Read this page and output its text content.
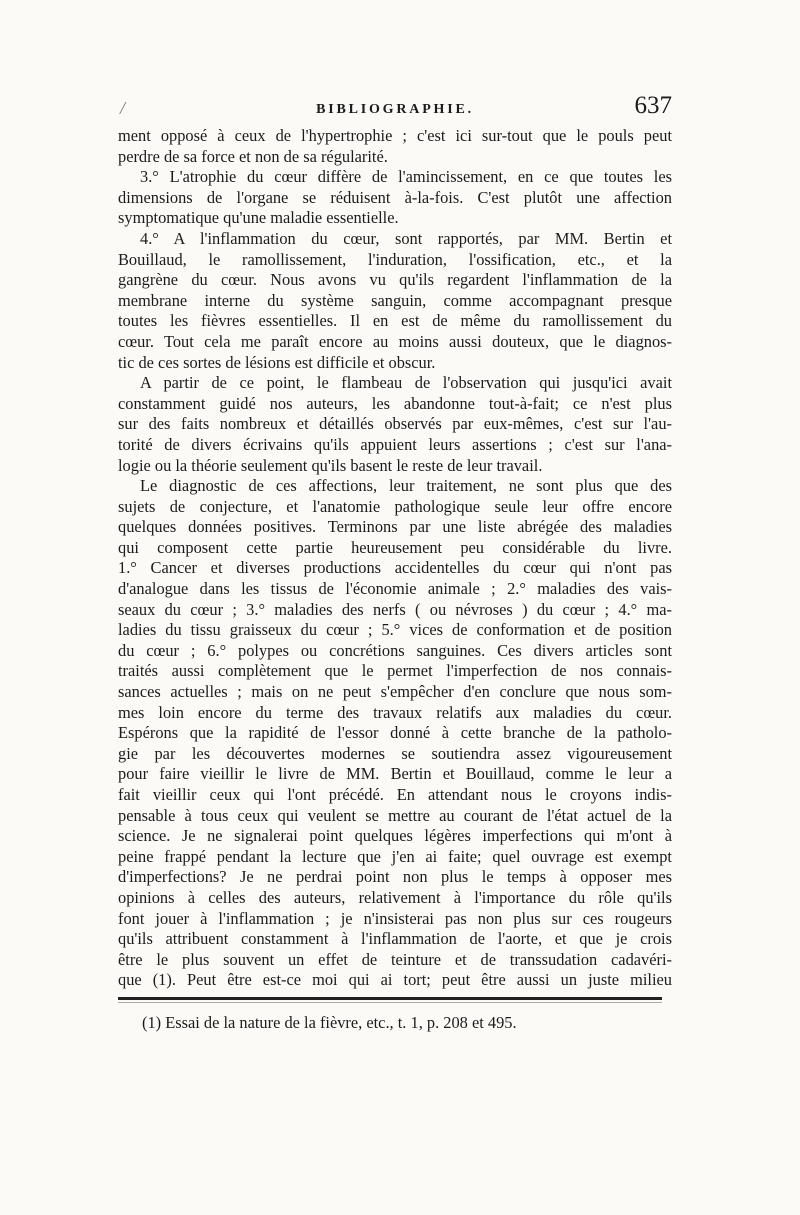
/	BIBLIOGRAPHIE.	637
ment opposé à ceux de l'hypertrophie ; c'est ici sur-tout que le pouls peut
perdre de sa force et non de sa régularité.
3.° L'atrophie du cœur diffère de l'amincissement, en ce que toutes les
dimensions de l'organe se réduisent à-la-fois. C'est plutôt une affection
symptomatique qu'une maladie essentielle.
4.° A l'inflammation du cœur, sont rapportés, par MM. Bertin et
Bouillaud, le ramollissement, l'induration, l'ossification, etc., et la
gangrène du cœur. Nous avons vu qu'ils regardent l'inflammation de la
membrane interne du système sanguin, comme accompagnant presque
toutes les fièvres essentielles. Il en est de même du ramollissement du
cœur. Tout cela me paraît encore au moins aussi douteux, que le diagnos-
tic de ces sortes de lésions est difficile et obscur.
A partir de ce point, le flambeau de l'observation qui jusqu'ici avait
constamment guidé nos auteurs, les abandonne tout-à-fait; ce n'est plus
sur des faits nombreux et détaillés observés par eux-mêmes, c'est sur l'au-
torité de divers écrivains qu'ils appuient leurs assertions ; c'est sur l'ana-
logie ou la théorie seulement qu'ils basent le reste de leur travail.
Le diagnostic de ces affections, leur traitement, ne sont plus que des
sujets de conjecture, et l'anatomie pathologique seule leur offre encore
quelques données positives. Terminons par une liste abrégée des maladies
qui composent cette partie heureusement peu considérable du livre.
1.° Cancer et diverses productions accidentelles du cœur qui n'ont pas
d'analogue dans les tissus de l'économie animale ; 2.° maladies des vais-
seaux du cœur ; 3.° maladies des nerfs ( ou névroses ) du cœur ; 4.° ma-
ladies du tissu graisseux du cœur ; 5.° vices de conformation et de position
du cœur ; 6.° polypes ou concrétions sanguines. Ces divers articles sont
traités aussi complètement que le permet l'imperfection de nos connais-
sances actuelles ; mais on ne peut s'empêcher d'en conclure que nous som-
mes loin encore du terme des travaux relatifs aux maladies du cœur.
Espérons que la rapidité de l'essor donné à cette branche de la patholo-
gie par les découvertes modernes se soutiendra assez vigoureusement
pour faire vieillir le livre de MM. Bertin et Bouillaud, comme le leur a
fait vieillir ceux qui l'ont précédé. En attendant nous le croyons indis-
pensable à tous ceux qui veulent se mettre au courant de l'état actuel de la
science. Je ne signalerai point quelques légères imperfections qui m'ont à
peine frappé pendant la lecture que j'en ai faite; quel ouvrage est exempt
d'imperfections? Je ne perdrai point non plus le temps à opposer mes
opinions à celles des auteurs, relativement à l'importance du rôle qu'ils
font jouer à l'inflammation ; je n'insisterai pas non plus sur ces rougeurs
qu'ils attribuent constamment à l'inflammation de l'aorte, et que je crois
être le plus souvent un effet de teinture et de transsudation cadavéri-
que (1). Peut être est-ce moi qui ai tort; peut être aussi un juste milieu
(1) Essai de la nature de la fièvre, etc., t. 1, p. 208 et 495.
